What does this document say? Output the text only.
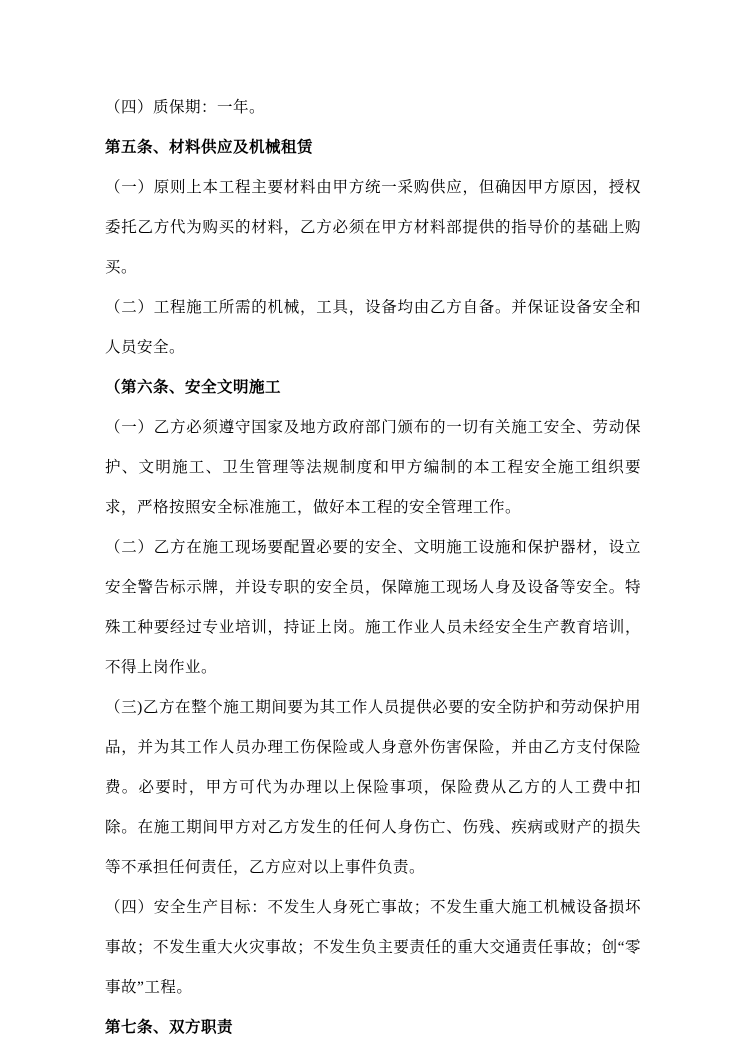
（四）质保期：一年。

第五条、材料供应及机械租赁

（一）原则上本工程主要材料由甲方统一采购供应，但确因甲方原因，授权委托乙方代为购买的材料，乙方必须在甲方材料部提供的指导价的基础上购买。

（二）工程施工所需的机械，工具，设备均由乙方自备。并保证设备安全和人员安全。

（第六条、安全文明施工

（一）乙方必须遵守国家及地方政府部门颁布的一切有关施工安全、劳动保护、文明施工、卫生管理等法规制度和甲方编制的本工程安全施工组织要求，严格按照安全标准施工，做好本工程的安全管理工作。

（二）乙方在施工现场要配置必要的安全、文明施工设施和保护器材，设立安全警告标示牌，并设专职的安全员，保障施工现场人身及设备等安全。特殊工种要经过专业培训，持证上岗。施工作业人员未经安全生产教育培训，不得上岗作业。

（三)乙方在整个施工期间要为其工作人员提供必要的安全防护和劳动保护用品，并为其工作人员办理工伤保险或人身意外伤害保险，并由乙方支付保险费。必要时，甲方可代为办理以上保险事项，保险费从乙方的人工费中扣除。在施工期间甲方对乙方发生的任何人身伤亡、伤残、疾病或财产的损失等不承担任何责任，乙方应对以上事件负责。

（四）安全生产目标：不发生人身死亡事故；不发生重大施工机械设备损坏事故；不发生重大火灾事故；不发生负主要责任的重大交通责任事故；创“零事故”工程。

第七条、双方职责
